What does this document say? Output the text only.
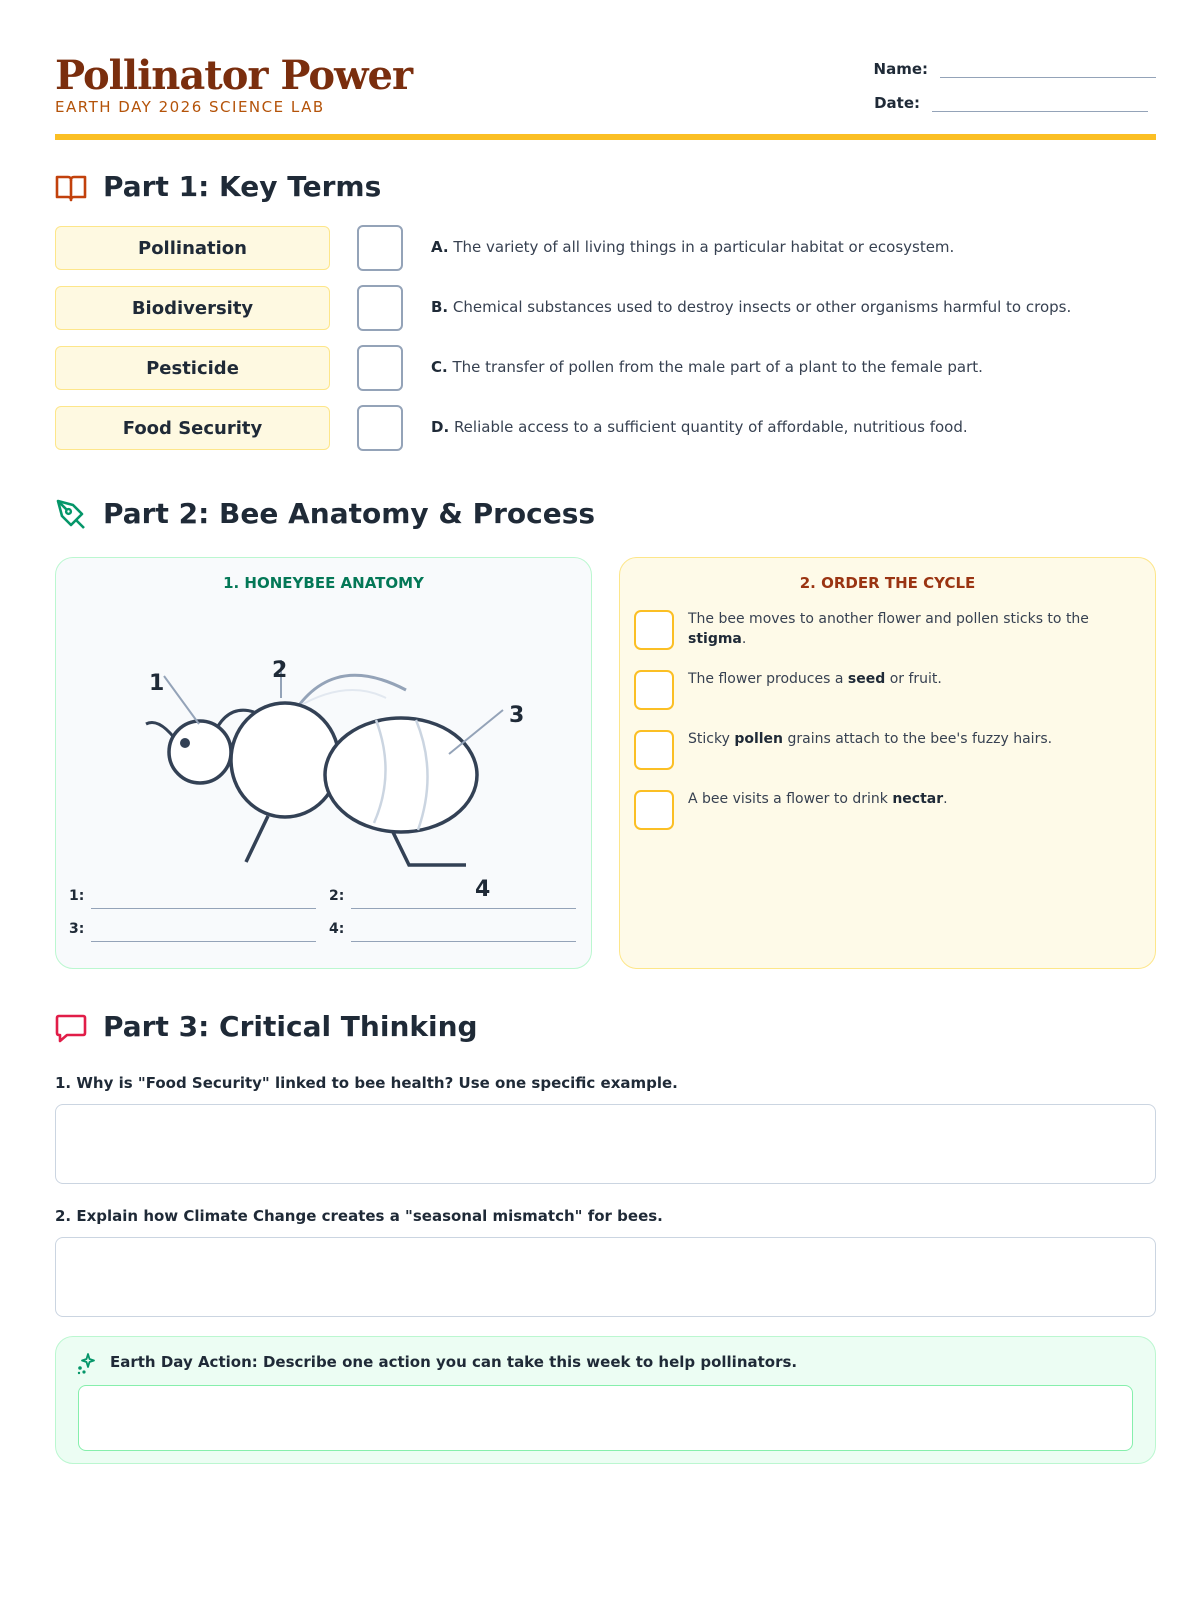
Pollinator Power
EARTH DAY 2026 SCIENCE LAB
Name:
Date:
Part 1: Key Terms
Pollination
Biodiversity
Pesticide
Food Security
A. The variety of all living things in a particular habitat or ecosystem.
B. Chemical substances used to destroy insects or other organisms harmful to crops.
C. The transfer of pollen from the male part of a plant to the female part.
D. Reliable access to a sufficient quantity of affordable, nutritious food.
Part 2: Bee Anatomy & Process
1. HONEYBEE ANATOMY
1
2
3
4
1:	2:
3:	4:
2. ORDER THE CYCLE
The bee moves to another flower and pollen sticks to the stigma.
The flower produces a seed or fruit.
Sticky pollen grains attach to the bee's fuzzy hairs.
A bee visits a flower to drink nectar.
Part 3: Critical Thinking
1. Why is "Food Security" linked to bee health? Use one specific example.
2. Explain how Climate Change creates a "seasonal mismatch" for bees.
Earth Day Action: Describe one action you can take this week to help pollinators.
